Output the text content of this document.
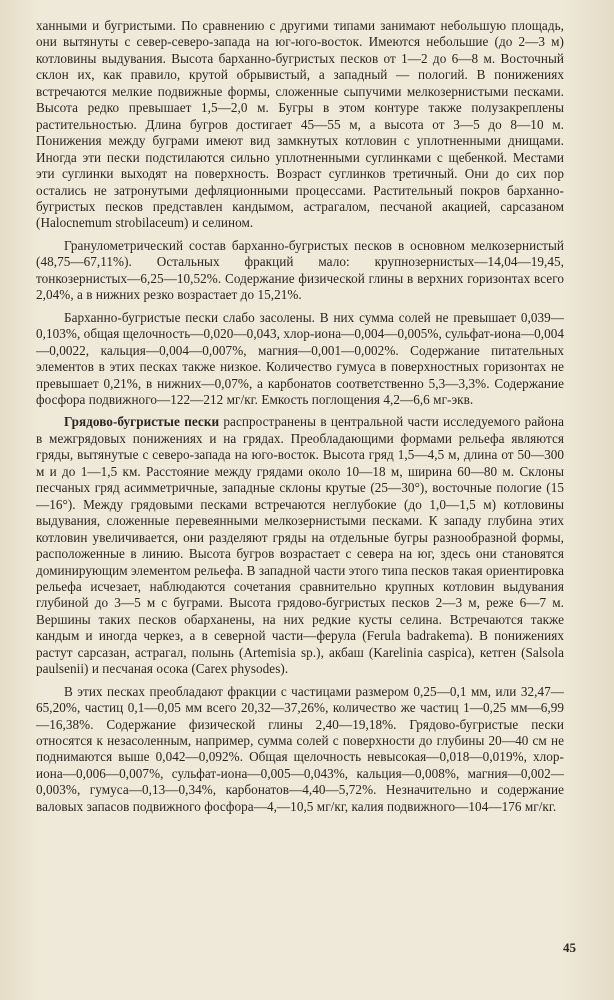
ханными и бугристыми. По сравнению с другими типами занимают небольшую площадь, они вытянуты с север-северо-запада на юг-юго-восток. Имеются небольшие (до 2—3 м) котловины выдувания. Высота барханно-бугристых песков от 1—2 до 6—8 м. Восточный склон их, как правило, крутой обрывистый, а западный — пологий. В понижениях встречаются мелкие подвижные формы, сложенные сыпучими мелкозернистыми песками. Высота редко превышает 1,5—2,0 м. Бугры в этом контуре также полузакреплены растительностью. Длина бугров достигает 45—55 м, а высота от 3—5 до 8—10 м. Понижения между буграми имеют вид замкнутых котловин с уплотненными днищами. Иногда эти пески подстилаются сильно уплотненными суглинками с щебенкой. Местами эти суглинки выходят на поверхность. Возраст суглинков третичный. Они до сих пор остались не затронутыми дефляционными процессами. Растительный покров барханно-бугристых песков представлен кандымом, астрагалом, песчаной акацией, сарсазаном (Halocnemum strobilaceum) и селином.

Гранулометрический состав барханно-бугристых песков в основном мелкозернистый (48,75—67,11%). Остальных фракций мало: крупнозернистых—14,04—19,45, тонкозернистых—6,25—10,52%. Содержание физической глины в верхних горизонтах всего 2,04%, а в нижних резко возрастает до 15,21%.

Барханно-бугристые пески слабо засолены. В них сумма солей не превышает 0,039—0,103%, общая щелочность—0,020—0,043, хлор-иона—0,004—0,005%, сульфат-иона—0,004—0,0022, кальция—0,004—0,007%, магния—0,001—0,002%. Содержание питательных элементов в этих песках также низкое. Количество гумуса в поверхностных горизонтах не превышает 0,21%, в нижних—0,07%, а карбонатов соответственно 5,3—3,3%. Содержание фосфора подвижного—122—212 мг/кг. Емкость поглощения 4,2—6,6 мг-экв.

Грядово-бугристые пески распространены в центральной части исследуемого района в межгрядовых понижениях и на грядах. Преобладающими формами рельефа являются гряды, вытянутые с северо-запада на юго-восток. Высота гряд 1,5—4,5 м, длина от 50—300 м и до 1—1,5 км. Расстояние между грядами около 10—18 м, ширина 60—80 м. Склоны песчаных гряд асимметричные, западные склоны крутые (25—30°), восточные пологие (15—16°). Между грядовыми песками встречаются неглубокие (до 1,0—1,5 м) котловины выдувания, сложенные перевеянными мелкозернистыми песками. К западу глубина этих котловин увеличивается, они разделяют гряды на отдельные бугры разнообразной формы, расположенные в линию. Высота бугров возрастает с севера на юг, здесь они становятся доминирующим элементом рельефа. В западной части этого типа песков такая ориентировка рельефа исчезает, наблюдаются сочетания сравнительно крупных котловин выдувания глубиной до 3—5 м с буграми. Высота грядово-бугристых песков 2—3 м, реже 6—7 м. Вершины таких песков обарханены, на них редкие кусты селина. Встречаются также кандым и иногда черкез, а в северной части—ферула (Ferula badrakema). В понижениях растут сарсазан, астрагал, полынь (Artemisia sp.), акбаш (Karelinia caspica), кетген (Salsola paulsenii) и песчаная осока (Carex physodes).

В этих песках преобладают фракции с частицами размером 0,25—0,1 мм, или 32,47—65,20%, частиц 0,1—0,05 мм всего 20,32—37,26%, количество же частиц 1—0,25 мм—6,99—16,38%. Содержание физической глины 2,40—19,18%. Грядово-бугристые пески относятся к незасоленным, например, сумма солей с поверхности до глубины 20—40 см не поднимаются выше 0,042—0,092%. Общая щелочность невысокая—0,018—0,019%, хлор-иона—0,006—0,007%, сульфат-иона—0,005—0,043%, кальция—0,008%, магния—0,002—0,003%, гумуса—0,13—0,34%, карбонатов—4,40—5,72%. Незначительно и содержание валовых запасов подвижного фосфора—4,—10,5 мг/кг, калия подвижного—104—176 мг/кг.

45
